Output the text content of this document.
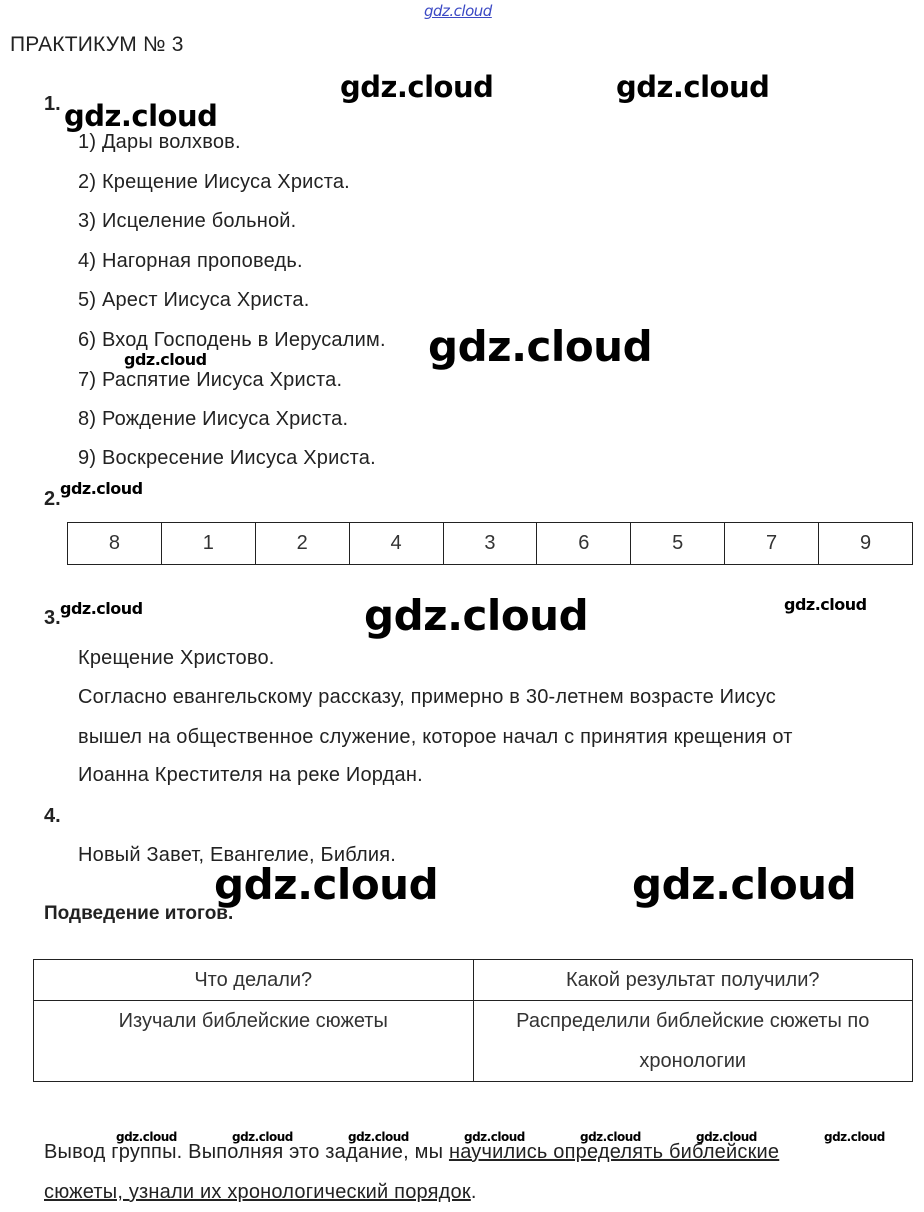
gdz.cloud
ПРАКТИКУМ № 3
1.
1) Дары волхвов.
2) Крещение Иисуса Христа.
3) Исцеление больной.
4) Нагорная проповедь.
5) Арест Иисуса Христа.
6) Вход Господень в Иерусалим.
7) Распятие Иисуса Христа.
8) Рождение Иисуса Христа.
9) Воскресение Иисуса Христа.
2.
8	1	2	4	3	6	5	7	9
3.
Крещение Христово.
Согласно евангельскому рассказу, примерно в 30-летнем возрасте Иисус
вышел на общественное служение, которое начал с принятия крещения от
Иоанна Крестителя на реке Иордан.
4.
Новый Завет, Евангелие, Библия.
Подведение итогов.
Что делали?	Какой результат получили?
Изучали библейские сюжеты	Распределили библейские сюжеты по хронологии
Вывод группы. Выполняя это задание, мы научились определять библейские
сюжеты, узнали их хронологический порядок.
gdz.cloud	gdz.cloud
gdz.cloud
gdz.cloud
gdz.cloud
gdz.cloud
gdz.cloud	gdz.cloud	gdz.cloud
gdz.cloud	gdz.cloud
gdz.cloud	gdz.cloud	gdz.cloud	gdz.cloud	gdz.cloud	gdz.cloud	gdz.cloud
